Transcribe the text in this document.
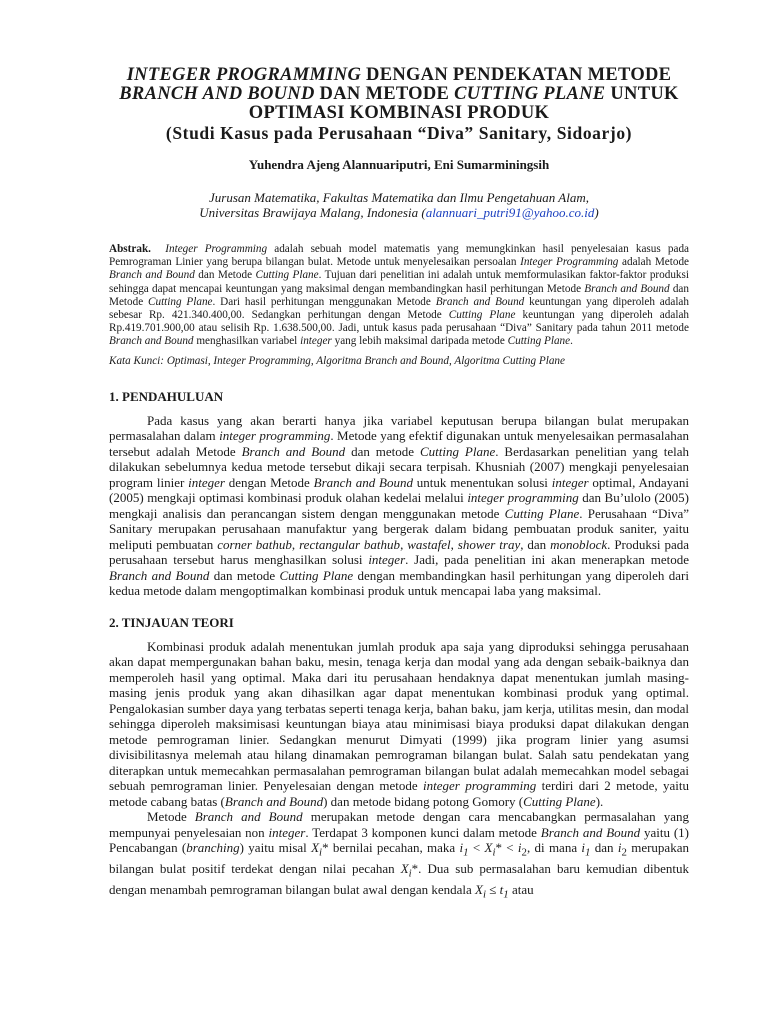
INTEGER PROGRAMMING DENGAN PENDEKATAN METODE
BRANCH AND BOUND DAN METODE CUTTING PLANE UNTUK
OPTIMASI KOMBINASI PRODUK
(Studi Kasus pada Perusahaan “Diva” Sanitary, Sidoarjo)
Yuhendra Ajeng Alannuariputri, Eni Sumarminingsih
Jurusan Matematika, Fakultas Matematika dan Ilmu Pengetahuan Alam,
Universitas Brawijaya Malang, Indonesia (alannuari_putri91@yahoo.co.id)
Abstrak. Integer Programming adalah sebuah model matematis yang memungkinkan hasil penyelesaian kasus pada Pemrograman Linier yang berupa bilangan bulat. Metode untuk menyelesaikan persoalan Integer Programming adalah Metode Branch and Bound dan Metode Cutting Plane. Tujuan dari penelitian ini adalah untuk memformulasikan faktor-faktor produksi sehingga dapat mencapai keuntungan yang maksimal dengan membandingkan hasil perhitungan Metode Branch and Bound dan Metode Cutting Plane. Dari hasil perhitungan menggunakan Metode Branch and Bound keuntungan yang diperoleh adalah sebesar Rp. 421.340.400,00. Sedangkan perhitungan dengan Metode Cutting Plane keuntungan yang diperoleh adalah Rp.419.701.900,00 atau selisih Rp. 1.638.500,00. Jadi, untuk kasus pada perusahaan “Diva” Sanitary pada tahun 2011 metode Branch and Bound menghasilkan variabel integer yang lebih maksimal daripada metode Cutting Plane.
Kata Kunci: Optimasi, Integer Programming, Algoritma Branch and Bound, Algoritma Cutting Plane
1. PENDAHULUAN

Pada kasus yang akan berarti hanya jika variabel keputusan berupa bilangan bulat merupakan permasalahan dalam integer programming. Metode yang efektif digunakan untuk menyelesaikan permasalahan tersebut adalah Metode Branch and Bound dan metode Cutting Plane. Berdasarkan penelitian yang telah dilakukan sebelumnya kedua metode tersebut dikaji secara terpisah. Khusniah (2007) mengkaji penyelesaian program linier integer dengan Metode Branch and Bound untuk menentukan solusi integer optimal, Andayani (2005) mengkaji optimasi kombinasi produk olahan kedelai melalui integer programming dan Bu’ulolo (2005) mengkaji analisis dan perancangan sistem dengan menggunakan metode Cutting Plane. Perusahaan “Diva” Sanitary merupakan perusahaan manufaktur yang bergerak dalam bidang pembuatan produk saniter, yaitu meliputi pembuatan corner bathub, rectangular bathub, wastafel, shower tray, dan monoblock. Produksi pada perusahaan tersebut harus menghasilkan solusi integer. Jadi, pada penelitian ini akan menerapkan metode Branch and Bound dan metode Cutting Plane dengan membandingkan hasil perhitungan yang diperoleh dari kedua metode dalam mengoptimalkan kombinasi produk untuk mencapai laba yang maksimal.

2. TINJAUAN TEORI

Kombinasi produk adalah menentukan jumlah produk apa saja yang diproduksi sehingga perusahaan akan dapat mempergunakan bahan baku, mesin, tenaga kerja dan modal yang ada dengan sebaik-baiknya dan memperoleh hasil yang optimal. Maka dari itu perusahaan hendaknya dapat menentukan jumlah masing-masing jenis produk yang akan dihasilkan agar dapat menentukan kombinasi produk yang optimal. Pengalokasian sumber daya yang terbatas seperti tenaga kerja, bahan baku, jam kerja, utilitas mesin, dan modal sehingga diperoleh maksimisasi keuntungan biaya atau minimisasi biaya produksi dapat dilakukan dengan metode pemrograman linier. Sedangkan menurut Dimyati (1999) jika program linier yang asumsi divisibilitasnya melemah atau hilang dinamakan pemrograman bilangan bulat. Salah satu pendekatan yang diterapkan untuk memecahkan permasalahan pemrograman bilangan bulat adalah memecahkan model sebagai sebuah pemrograman linier. Penyelesaian dengan metode integer programming terdiri dari 2 metode, yaitu metode cabang batas (Branch and Bound) dan metode bidang potong Gomory (Cutting Plane).

Metode Branch and Bound merupakan metode dengan cara mencabangkan permasalahan yang mempunyai penyelesaian non integer. Terdapat 3 komponen kunci dalam metode Branch and Bound yaitu (1) Pencabangan (branching) yaitu misal $X_i*$ bernilai pecahan, maka $i_1 < X_i* < i_2$, di mana $i_1$ dan $i_2$ merupakan bilangan bulat positif terdekat dengan nilai pecahan $X_i*$. Dua sub permasalahan baru kemudian dibentuk dengan menambah pemrograman bilangan bulat awal dengan kendala $X_i \le t_1$ atau
